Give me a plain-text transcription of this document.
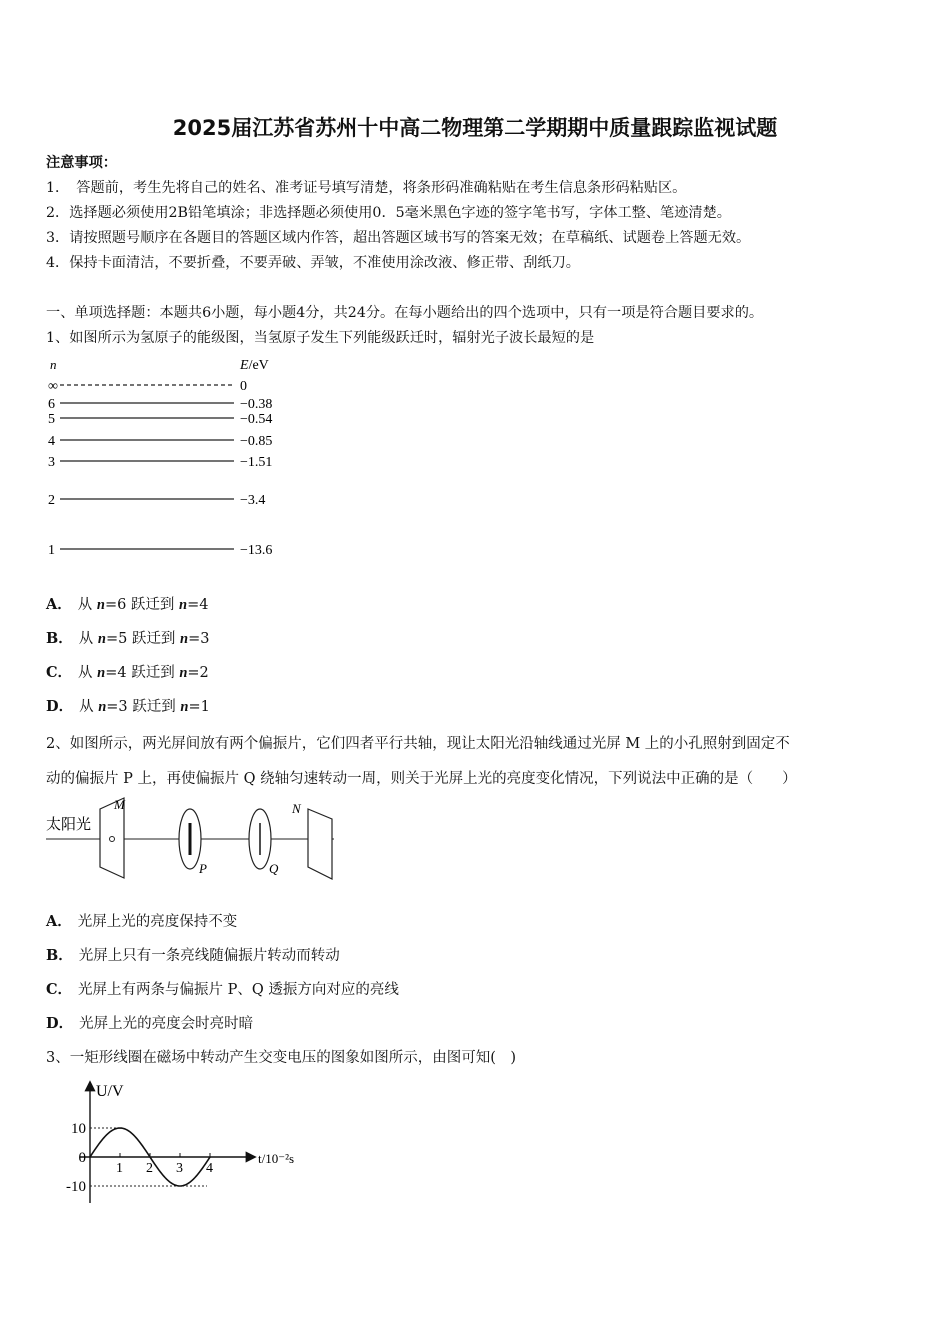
2025届江苏省苏州十中高二物理第二学期期中质量跟踪监视试题
注意事项：
1．　答题前，考生先将自己的姓名、准考证号填写清楚，将条形码准确粘贴在考生信息条形码粘贴区。
2．选择题必须使用2B铅笔填涂；非选择题必须使用0．5毫米黑色字迹的签字笔书写，字体工整、笔迹清楚。
3．请按照题号顺序在各题目的答题区域内作答，超出答题区域书写的答案无效；在草稿纸、试题卷上答题无效。
4．保持卡面清洁，不要折叠，不要弄破、弄皱，不准使用涂改液、修正带、刮纸刀。
一、单项选择题：本题共6小题，每小题4分，共24分。在每小题给出的四个选项中，只有一项是符合题目要求的。
1、如图所示为氢原子的能级图，当氢原子发生下列能级跃迁时，辐射光子波长最短的是
n	E/eV
∞	0
6	−0.38
5	−0.54
4	−0.85
3	−1.51
2	−3.4
1	−13.6
A． 从 n=6 跃迁到 n=4
B． 从 n=5 跃迁到 n=3
C． 从 n=4 跃迁到 n=2
D． 从 n=3 跃迁到 n=1
2、如图所示，两光屏间放有两个偏振片，它们四者平行共轴，现让太阳光沿轴线通过光屏 M 上的小孔照射到固定不
动的偏振片 P 上，再使偏振片 Q 绕轴匀速转动一周，则关于光屏上光的亮度变化情况，下列说法中正确的是（　　）
太阳光
M
P	Q
N
A． 光屏上光的亮度保持不变
B． 光屏上只有一条亮线随偏振片转动而转动
C． 光屏上有两条与偏振片 P、Q 透振方向对应的亮线
D． 光屏上光的亮度会时亮时暗
3、一矩形线圈在磁场中转动产生交变电压的图象如图所示，由图可知(　)
U/V
t/10⁻²s
10
0
-10
1 2 3 4
